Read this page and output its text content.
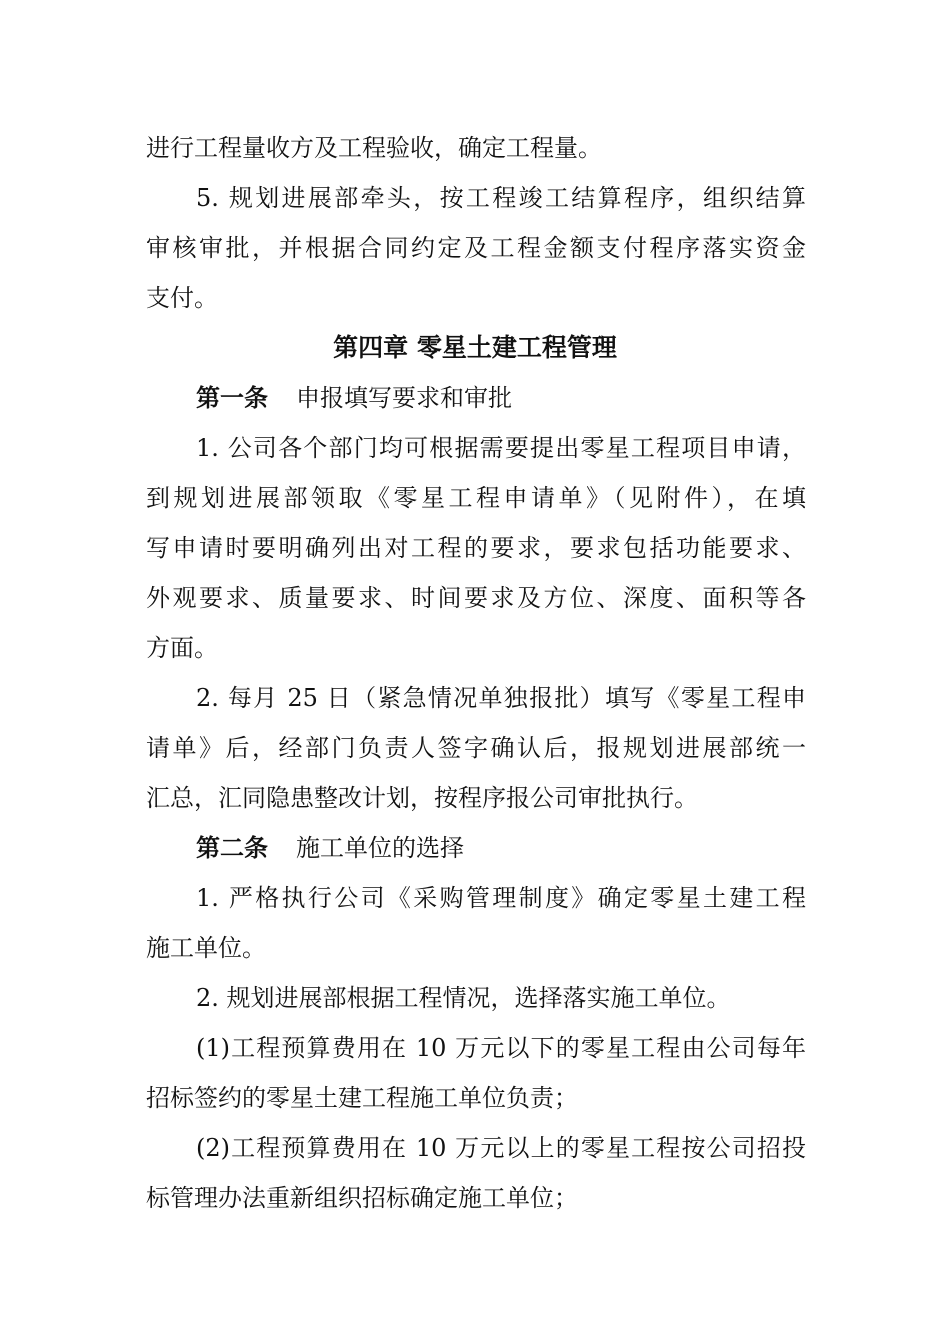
进行工程量收方及工程验收，确定工程量。
5. 规划进展部牵头，按工程竣工结算程序，组织结算
审核审批，并根据合同约定及工程金额支付程序落实资金
支付。
第四章 零星土建工程管理
第一条 申报填写要求和审批
1. 公司各个部门均可根据需要提出零星工程项目申请，
到规划进展部领取《零星工程申请单》（见附件），在填
写申请时要明确列出对工程的要求，要求包括功能要求、
外观要求、质量要求、时间要求及方位、深度、面积等各
方面。
2. 每月 25 日（紧急情况单独报批）填写《零星工程申
请单》后，经部门负责人签字确认后，报规划进展部统一
汇总，汇同隐患整改计划，按程序报公司审批执行。
第二条 施工单位的选择
1. 严格执行公司《采购管理制度》确定零星土建工程
施工单位。
2. 规划进展部根据工程情况，选择落实施工单位。
(1)工程预算费用在 10 万元以下的零星工程由公司每年
招标签约的零星土建工程施工单位负责；
(2)工程预算费用在 10 万元以上的零星工程按公司招投
标管理办法重新组织招标确定施工单位；
